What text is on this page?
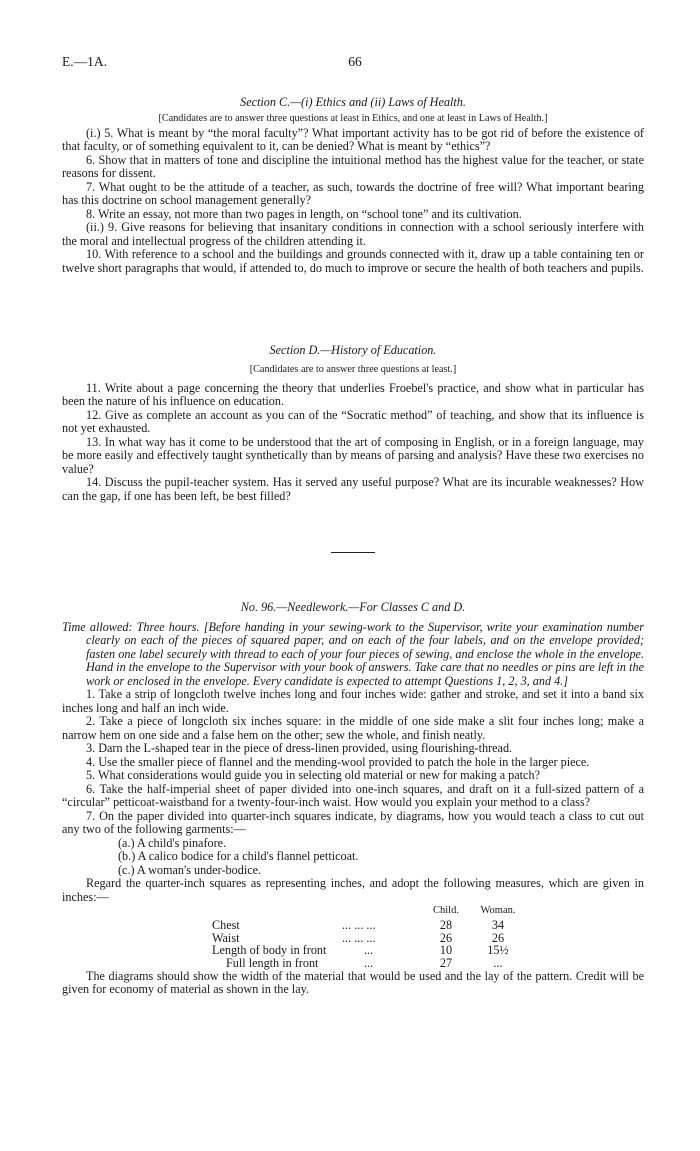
E.—1A.	66
Section C.—(i) Ethics and (ii) Laws of Health.
[Candidates are to answer three questions at least in Ethics, and one at least in Laws of Health.]

(i.) 5. What is meant by “the moral faculty”? What important activity has to be got rid of before the existence of that faculty, or of something equivalent to it, can be denied? What is meant by “ethics”?

6. Show that in matters of tone and discipline the intuitional method has the highest value for the teacher, or state reasons for dissent.

7. What ought to be the attitude of a teacher, as such, towards the doctrine of free will? What important bearing has this doctrine on school management generally?

8. Write an essay, not more than two pages in length, on “school tone” and its cultivation.

(ii.) 9. Give reasons for believing that insanitary conditions in connection with a school seriously interfere with the moral and intellectual progress of the children attending it.

10. With reference to a school and the buildings and grounds connected with it, draw up a table containing ten or twelve short paragraphs that would, if attended to, do much to improve or secure the health of both teachers and pupils.

Section D.—History of Education.
[Candidates are to answer three questions at least.]

11. Write about a page concerning the theory that underlies Froebel's practice, and show what in particular has been the nature of his influence on education.

12. Give as complete an account as you can of the “Socratic method” of teaching, and show that its influence is not yet exhausted.

13. In what way has it come to be understood that the art of composing in English, or in a foreign language, may be more easily and effectively taught synthetically than by means of parsing and analysis? Have these two exercises no value?

14. Discuss the pupil-teacher system. Has it served any useful purpose? What are its incurable weaknesses? How can the gap, if one has been left, be best filled?

No. 96.—Needlework.—For Classes C and D.

Time allowed: Three hours. [Before handing in your sewing-work to the Supervisor, write your examination number clearly on each of the pieces of squared paper, and on each of the four labels, and on the envelope provided; fasten one label securely with thread to each of your four pieces of sewing, and enclose the whole in the envelope. Hand in the envelope to the Supervisor with your book of answers. Take care that no needles or pins are left in the work or enclosed in the envelope. Every candidate is expected to attempt Questions 1, 2, 3, and 4.]

1. Take a strip of longcloth twelve inches long and four inches wide: gather and stroke, and set it into a band six inches long and half an inch wide.

2. Take a piece of longcloth six inches square: in the middle of one side make a slit four inches long; make a narrow hem on one side and a false hem on the other; sew the whole, and finish neatly.

3. Darn the L-shaped tear in the piece of dress-linen provided, using flourishing-thread.

4. Use the smaller piece of flannel and the mending-wool provided to patch the hole in the larger piece.

5. What considerations would guide you in selecting old material or new for making a patch?

6. Take the half-imperial sheet of paper divided into one-inch squares, and draft on it a full-sized pattern of a “circular” petticoat-waistband for a twenty-four-inch waist. How would you explain your method to a class?

7. On the paper divided into quarter-inch squares indicate, by diagrams, how you would teach a class to cut out any two of the following garments:—

(a.) A child's pinafore.

(b.) A calico bodice for a child's flannel petticoat.

(c.) A woman's under-bodice.

Regard the quarter-inch squares as representing inches, and adopt the following measures, which are given in inches:—

		Child.	Woman.
Chest	... ... ...	28	34
Waist	... ... ...	26	26
Length of body in front	...	10	15½
Full length in front	...	27	...

The diagrams should show the width of the material that would be used and the lay of the pattern. Credit will be given for economy of material as shown in the lay.
